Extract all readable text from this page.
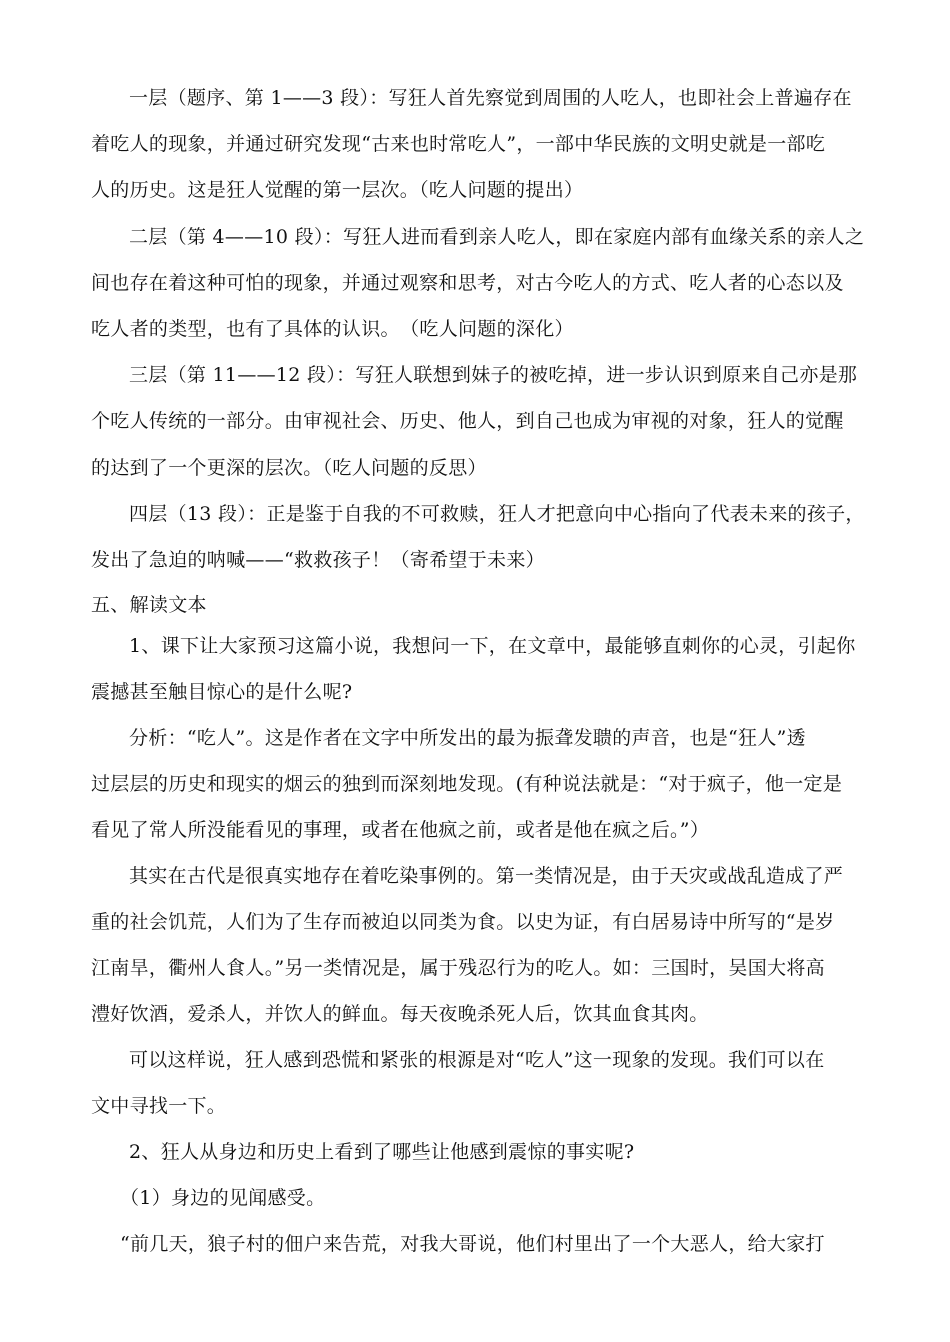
一层（题序、第 1——3 段）：写狂人首先察觉到周围的人吃人，也即社会上普遍存在
着吃人的现象，并通过研究发现“古来也时常吃人”，一部中华民族的文明史就是一部吃
人的历史。这是狂人觉醒的第一层次。（吃人问题的提出）
二层（第 4——10 段）：写狂人进而看到亲人吃人，即在家庭内部有血缘关系的亲人之
间也存在着这种可怕的现象，并通过观察和思考，对古今吃人的方式、吃人者的心态以及
吃人者的类型，也有了具体的认识。　（吃人问题的深化）
三层（第 11——12 段）：写狂人联想到妹子的被吃掉，进一步认识到原来自己亦是那
个吃人传统的一部分。由审视社会、历史、他人，到自己也成为审视的对象，狂人的觉醒
的达到了一个更深的层次。（吃人问题的反思）
四层（13 段）：正是鉴于自我的不可救赎，狂人才把意向中心指向了代表未来的孩子，
发出了急迫的呐喊——“救救孩子！（寄希望于未来）
五、解读文本
1、课下让大家预习这篇小说，我想问一下，在文章中，最能够直刺你的心灵，引起你
震撼甚至触目惊心的是什么呢?
分析：“吃人”。这是作者在文字中所发出的最为振聋发聩的声音，也是“狂人”透
过层层的历史和现实的烟云的独到而深刻地发现。(有种说法就是：“对于疯子，他一定是
看见了常人所没能看见的事理，或者在他疯之前，或者是他在疯之后。”）
其实在古代是很真实地存在着吃染事例的。第一类情况是，由于天灾或战乱造成了严
重的社会饥荒，人们为了生存而被迫以同类为食。以史为证，有白居易诗中所写的“是岁
江南旱，衢州人食人。”另一类情况是，属于残忍行为的吃人。如：三国时，吴国大将高
澧好饮酒，爱杀人，并饮人的鲜血。每天夜晚杀死人后，饮其血食其肉。
可以这样说，狂人感到恐慌和紧张的根源是对“吃人”这一现象的发现。我们可以在
文中寻找一下。
2、狂人从身边和历史上看到了哪些让他感到震惊的事实呢?
（1）身边的见闻感受。
“前几天，狼子村的佃户来告荒，对我大哥说，他们村里出了一个大恶人，给大家打
